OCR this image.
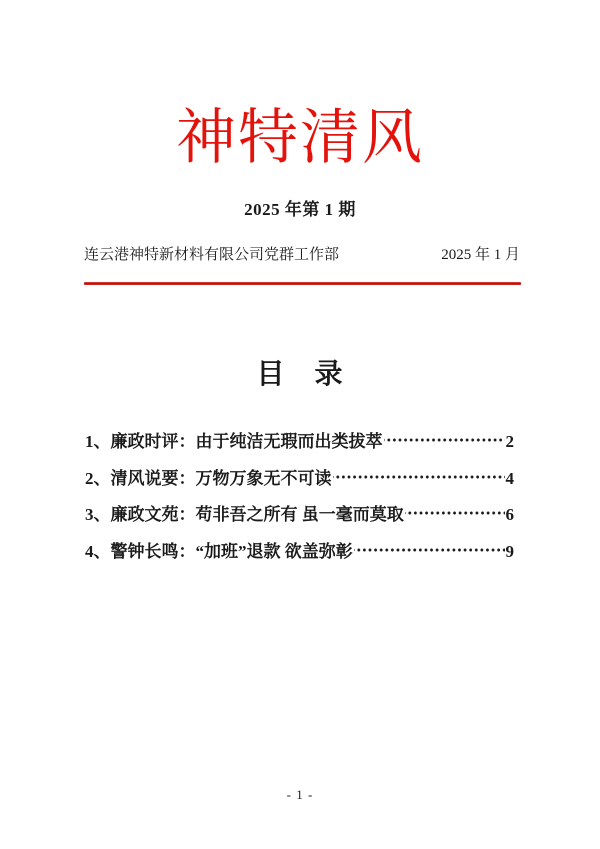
神特清风
2025 年第 1 期
连云港神特新材料有限公司党群工作部	2025 年 1 月
目　录
1、廉政时评：由于纯洁无瑕而出类拔萃	2
2、清风说要：万物万象无不可读	4
3、廉政文苑：苟非吾之所有 虽一毫而莫取	6
4、警钟长鸣：“加班”退款 欲盖弥彰	9
- 1 -
